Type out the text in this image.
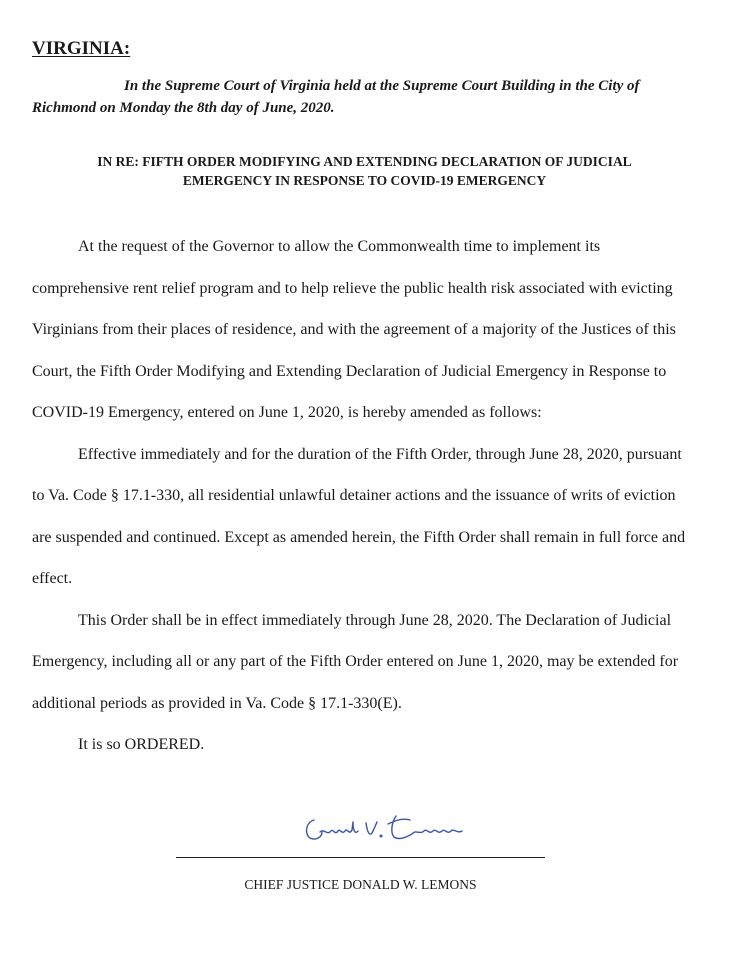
VIRGINIA:

In the Supreme Court of Virginia held at the Supreme Court Building in the City of Richmond on Monday the 8th day of June, 2020.

IN RE: FIFTH ORDER MODIFYING AND EXTENDING DECLARATION OF JUDICIAL
EMERGENCY IN RESPONSE TO COVID-19 EMERGENCY

At the request of the Governor to allow the Commonwealth time to implement its comprehensive rent relief program and to help relieve the public health risk associated with evicting Virginians from their places of residence, and with the agreement of a majority of the Justices of this Court, the Fifth Order Modifying and Extending Declaration of Judicial Emergency in Response to COVID-19 Emergency, entered on June 1, 2020, is hereby amended as follows:

Effective immediately and for the duration of the Fifth Order, through June 28, 2020, pursuant to Va. Code § 17.1-330, all residential unlawful detainer actions and the issuance of writs of eviction are suspended and continued. Except as amended herein, the Fifth Order shall remain in full force and effect.

This Order shall be in effect immediately through June 28, 2020. The Declaration of Judicial Emergency, including all or any part of the Fifth Order entered on June 1, 2020, may be extended for additional periods as provided in Va. Code § 17.1-330(E).

It is so ORDERED.

CHIEF JUSTICE DONALD W. LEMONS
